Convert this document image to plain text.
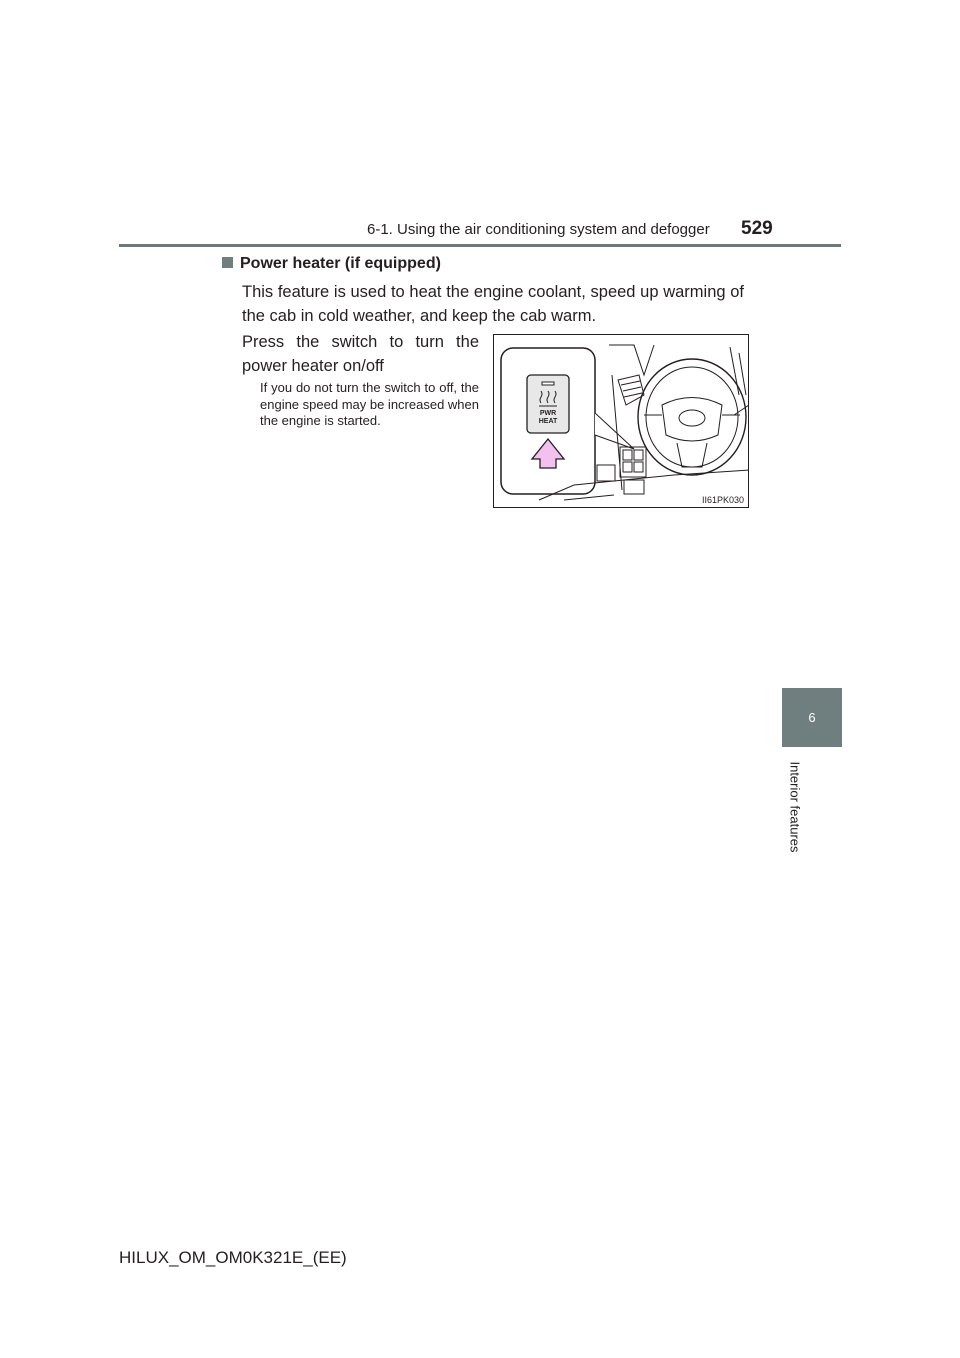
6-1. Using the air conditioning system and defogger 529
Power heater (if equipped)
This feature is used to heat the engine coolant, speed up warming of the cab in cold weather, and keep the cab warm.
Press the switch to turn the power heater on/off
If you do not turn the switch to off, the engine speed may be increased when the engine is started.	PWR
HEAT
II61PK030
6
Interior features
HILUX_OM_OM0K321E_(EE)
